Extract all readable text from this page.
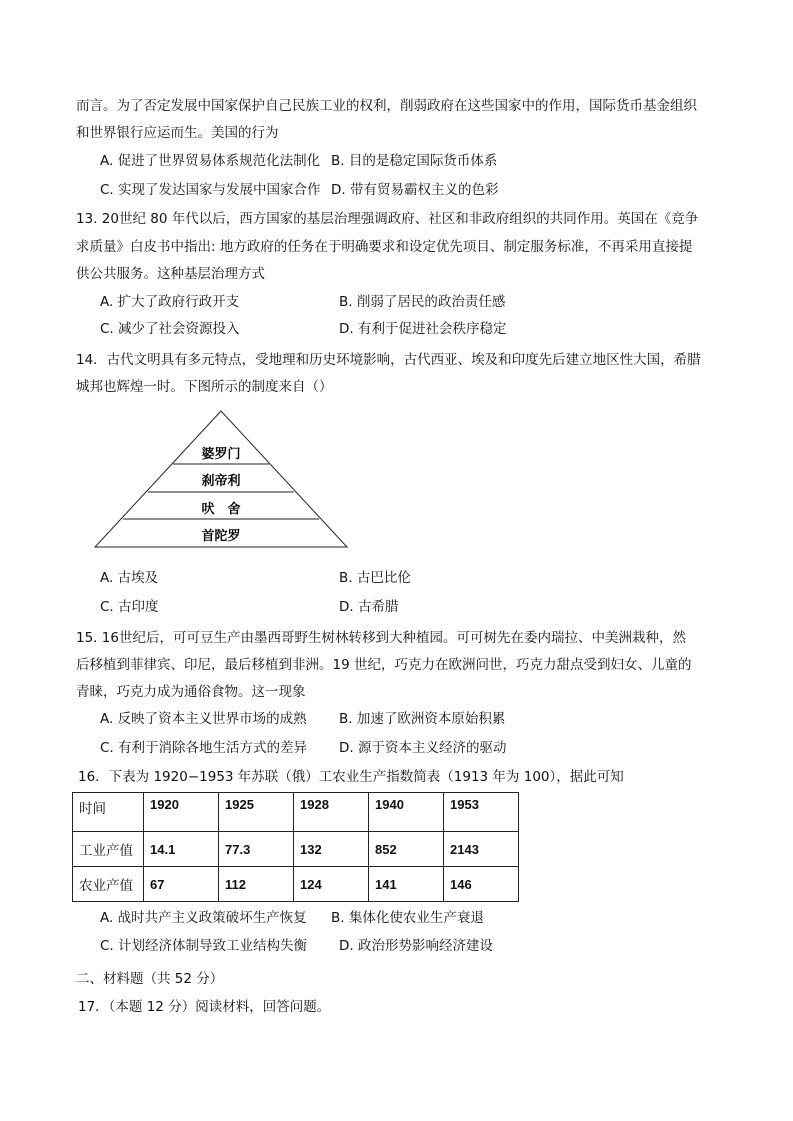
而言。为了否定发展中国家保护自己民族工业的权利，削弱政府在这些国家中的作用，国际货币基金组织
和世界银行应运而生。美国的行为
A. 促进了世界贸易体系规范化法制化 B. 目的是稳定国际货币体系
C. 实现了发达国家与发展中国家合作 D. 带有贸易霸权主义的色彩
13. 20世纪 80 年代以后，西方国家的基层治理强调政府、社区和非政府组织的共同作用。英国在《竞争
求质量》白皮书中指出: 地方政府的任务在于明确要求和设定优先项目、制定服务标准，不再采用直接提
供公共服务。这种基层治理方式
A. 扩大了政府行政开支	B. 削弱了居民的政治责任感
C. 减少了社会资源投入	D. 有利于促进社会秩序稳定
14．古代文明具有多元特点，受地理和历史环境影响，古代西亚、埃及和印度先后建立地区性大国，希腊
城邦也辉煌一时。下图所示的制度来自（）
婆罗门
刹帝利
吠　舍
首陀罗
A. 古埃及	B. 古巴比伦
C. 古印度	D. 古希腊
15. 16世纪后，可可豆生产由墨西哥野生树林转移到大种植园。可可树先在委内瑞拉、中美洲栽种，然
后移植到菲律宾、印尼，最后移植到非洲。19 世纪，巧克力在欧洲问世，巧克力甜点受到妇女、儿童的
青睐，巧克力成为通俗食物。这一现象
A. 反映了资本主义世界市场的成熟 B. 加速了欧洲资本原始积累
C. 有利于消除各地生活方式的差异 D. 源于资本主义经济的驱动
16．下表为 1920−1953 年苏联（俄）工农业生产指数简表（1913 年为 100），据此可知
时间	1920	1925	1928	1940	1953
工业产值	14.1	77.3	132	852	2143
农业产值	67	112	124	141	146
A. 战时共产主义政策破坏生产恢复 B. 集体化使农业生产衰退
C. 计划经济体制导致工业结构失衡 D. 政治形势影响经济建设
二、材料题（共 52 分）
17．（本题 12 分）阅读材料，回答问题。
